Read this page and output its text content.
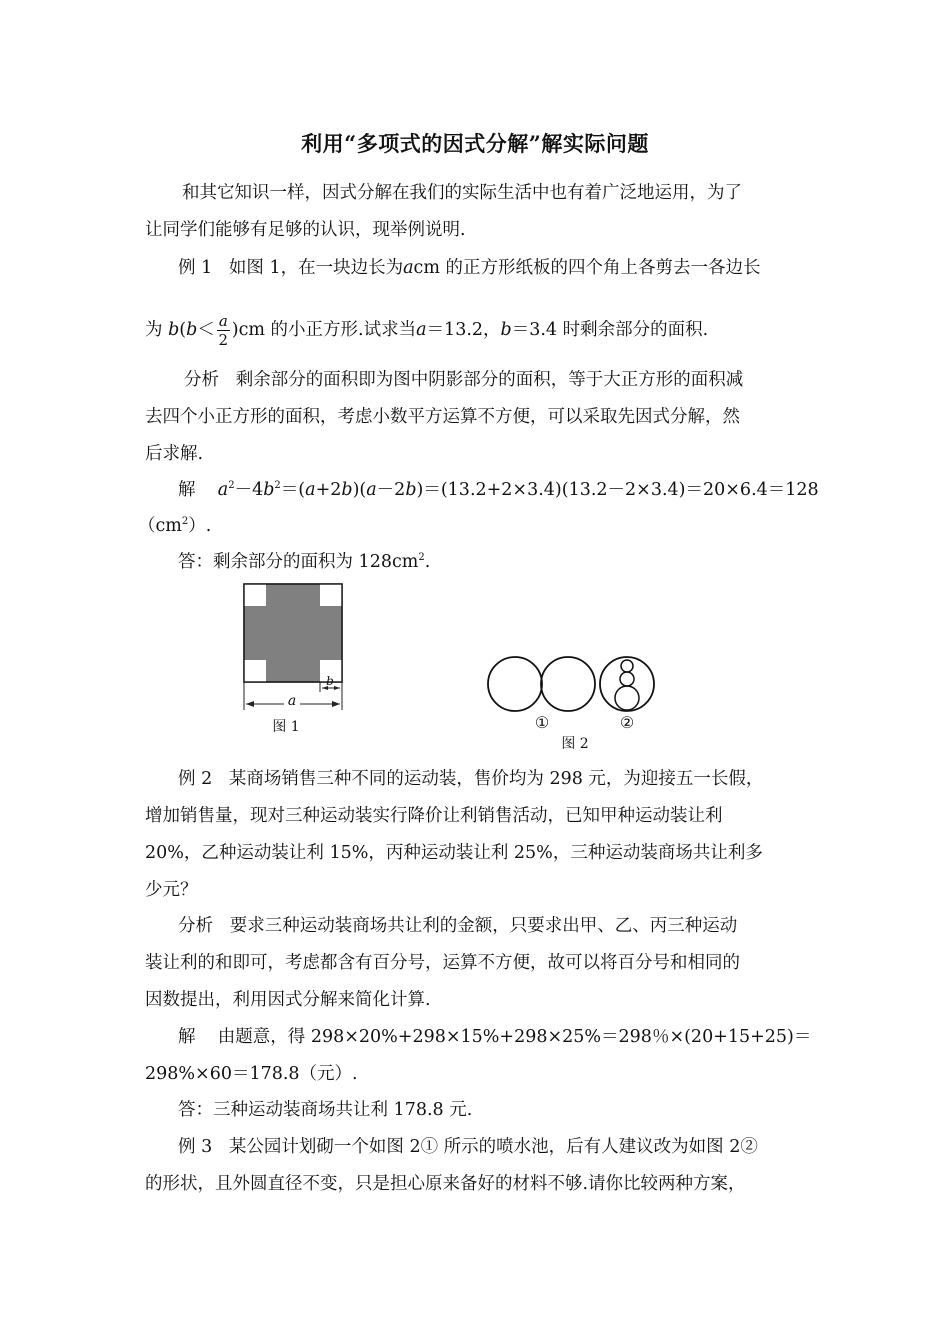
利用“多项式的因式分解”解实际问题
和其它知识一样，因式分解在我们的实际生活中也有着广泛地运用，为了
让同学们能够有足够的认识，现举例说明.
例 1 如图 1，在一块边长为acm 的正方形纸板的四个角上各剪去一各边长
为 $b(b< \frac{a}{2} )cm$ 的小正方形.试求当a＝13.2，b＝3.4 时剩余部分的面积.
分析 剩余部分的面积即为图中阴影部分的面积，等于大正方形的面积减
去四个小正方形的面积，考虑小数平方运算不方便，可以采取先因式分解，然
后求解.
解 $a^2-4b^2=(a+2b)(a-2b)=(13.2+2\times 3.4)(13.2-2\times 3.4)=20\times 6.4=128$
$(cm^2)$.
答：剩余部分的面积为 $128cm^2$.
a
b
图 1	①	②
图 2
例 2 某商场销售三种不同的运动装，售价均为 298 元，为迎接五一长假，
增加销售量，现对三种运动装实行降价让利销售活动，已知甲种运动装让利
20%，乙种运动装让利 15%，丙种运动装让利 25%，三种运动装商场共让利多
少元？
分析 要求三种运动装商场共让利的金额，只要求出甲、乙、丙三种运动
装让利的和即可，考虑都含有百分号，运算不方便，故可以将百分号和相同的
因数提出，利用因式分解来简化计算.
解 由题意，得 298×20%+298×15%+298×25%＝298％×(20+15+25)＝
298%×60＝178.8（元）.
答：三种运动装商场共让利 178.8 元.
例 3 某公园计划砌一个如图 2① 所示的喷水池，后有人建议改为如图 2②
的形状，且外圆直径不变，只是担心原来备好的材料不够.请你比较两种方案，
